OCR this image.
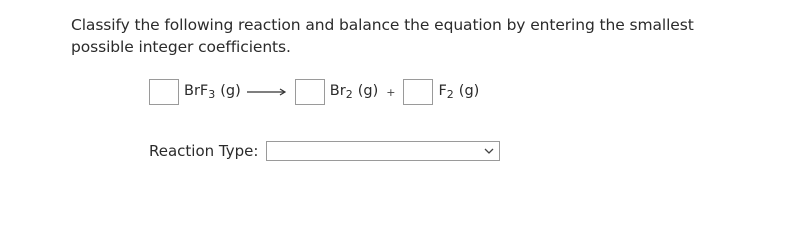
Classify the following reaction and balance the equation by entering the smallest possible integer coefficients.
BrF$_3$ (g) →	$Br_2$ (g) +	$F_2$ (g)
Reaction Type:
